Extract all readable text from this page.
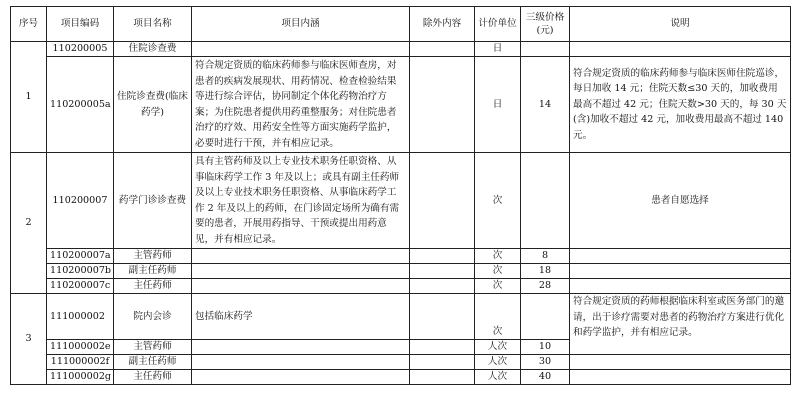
序号	项目编码	项目名称	项目内涵	除外内容	计价单位	三级价格
(元)	说明
1	110200005	住院诊查费			日		
	110200005a	住院诊查费(临床药学)	符合规定资质的临床药师参与临床医师查房，对患者的疾病发展现状、用药情况、检查检验结果等进行综合评估，协同制定个体化药物治疗方案；为住院患者提供用药重整服务；对住院患者治疗的疗效、用药安全性等方面实施药学监护，必要时进行干预，并有相应记录。		日	14	符合规定资质的临床药师参与临床医师住院巡诊，每日加收 14 元；住院天数≤30 天的，加收费用最高不超过 42 元；住院天数>30 天的，每 30 天(含)加收不超过 42 元，加收费用最高不超过 140 元。
2	110200007	药学门诊诊查费	具有主管药师及以上专业技术职务任职资格、从事临床药学工作 3 年及以上；或具有副主任药师及以上专业技术职务任职资格、从事临床药学工作 2 年及以上的药师，在门诊固定场所为确有需要的患者，开展用药指导、干预或提出用药意见，并有相应记录。		次		患者自愿选择
	110200007a	主管药师			次	8	
	110200007b	副主任药师			次	18	
	110200007c	主任药师			次	28	
3	111000002	院内会诊	包括临床药学		次		符合规定资质的药师根据临床科室或医务部门的邀请，出于诊疗需要对患者的药物治疗方案进行优化和药学监护，并有相应记录。
	111000002e	主管药师			人次	10	
	111000002f	副主任药师			人次	30	
	111000002g	主任药师			人次	40	
